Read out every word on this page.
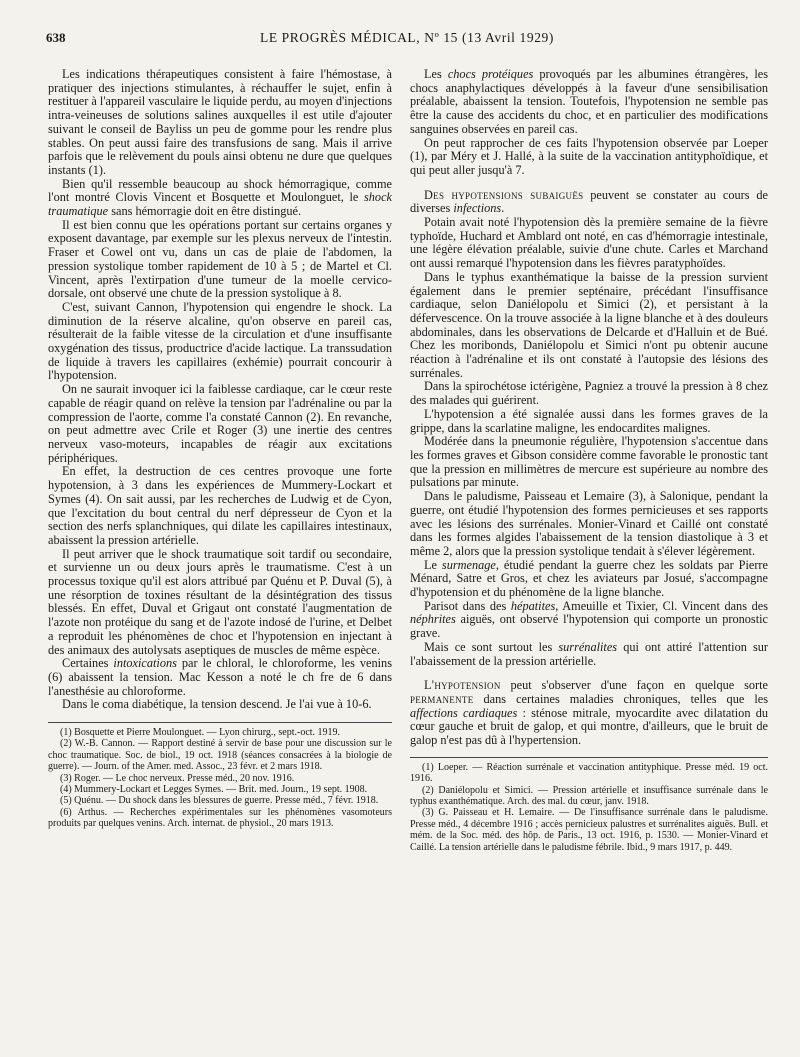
638	LE PROGRÈS MÉDICAL, Nº 15 (13 Avril 1929)

Les indications thérapeutiques consistent à faire l'hémostase, à pratiquer des injections stimulantes, à réchauffer le sujet, enfin à restituer à l'appareil vasculaire le liquide perdu, au moyen d'injections intra-veineuses de solutions salines auxquelles il est utile d'ajouter suivant le conseil de Bayliss un peu de gomme pour les rendre plus stables. On peut aussi faire des transfusions de sang. Mais il arrive parfois que le relèvement du pouls ainsi obtenu ne dure que quelques instants (1).

Bien qu'il ressemble beaucoup au shock hémorragique, comme l'ont montré Clovis Vincent et Bosquette et Moulonguet, le shock traumatique sans hémorragie doit en être distingué.

Il est bien connu que les opérations portant sur certains organes y exposent davantage, par exemple sur les plexus nerveux de l'intestin. Fraser et Cowel ont vu, dans un cas de plaie de l'abdomen, la pression systolique tomber rapidement de 10 à 5 ; de Martel et Cl. Vincent, après l'extirpation d'une tumeur de la moelle cervico-dorsale, ont observé une chute de la pression systolique à 8.

C'est, suivant Cannon, l'hypotension qui engendre le shock. La diminution de la réserve alcaline, qu'on observe en pareil cas, résulterait de la faible vitesse de la circulation et d'une insuffisante oxygénation des tissus, productrice d'acide lactique. La transsudation de liquide à travers les capillaires (exhémie) pourrait concourir à l'hypotension.

On ne saurait invoquer ici la faiblesse cardiaque, car le cœur reste capable de réagir quand on relève la tension par l'adrénaline ou par la compression de l'aorte, comme l'a constaté Cannon (2). En revanche, on peut admettre avec Crile et Roger (3) une inertie des centres nerveux vaso-moteurs, incapables de réagir aux excitations périphériques.

En effet, la destruction de ces centres provoque une forte hypotension, à 3 dans les expériences de Mummery-Lockart et Symes (4). On sait aussi, par les recherches de Ludwig et de Cyon, que l'excitation du bout central du nerf dépresseur de Cyon et la section des nerfs splanchniques, qui dilate les capillaires intestinaux, abaissent la pression artérielle.

Il peut arriver que le shock traumatique soit tardif ou secondaire, et survienne un ou deux jours après le traumatisme. C'est à un processus toxique qu'il est alors attribué par Quénu et P. Duval (5), à une résorption de toxines résultant de la désintégration des tissus blessés. En effet, Duval et Grigaut ont constaté l'augmentation de l'azote non protéique du sang et de l'azote indosé de l'urine, et Delbet a reproduit les phénomènes de choc et l'hypotension en injectant à des animaux des autolysats aseptiques de muscles de même espèce.

Certaines intoxications par le chloral, le chloroforme, les venins (6) abaissent la tension. Mac Kesson a noté le ch fre de 6 dans l'anesthésie au chloroforme.

Dans le coma diabétique, la tension descend. Je l'ai vue à 10-6.

(1) Bosquette et Pierre Moulonguet. — Lyon chirurg., sept.-oct. 1919.

(2) W.-B. Cannon. — Rapport destiné à servir de base pour une discussion sur le choc traumatique. Soc. de biol., 19 oct. 1918 (séances consacrées à la biologie de guerre). — Journ. of the Amer. med. Assoc., 23 févr. et 2 mars 1918.

(3) Roger. — Le choc nerveux. Presse méd., 20 nov. 1916.

(4) Mummery-Lockart et Legges Symes. — Brit. med. Journ., 19 sept. 1908.

(5) Quénu. — Du shock dans les blessures de guerre. Presse méd., 7 févr. 1918.

(6) Arthus. — Recherches expérimentales sur les phénomènes vasomoteurs produits par quelques venins. Arch. internat. de physiol., 20 mars 1913.

Les chocs protéiques provoqués par les albumines étrangères, les chocs anaphylactiques développés à la faveur d'une sensibilisation préalable, abaissent la tension. Toutefois, l'hypotension ne semble pas être la cause des accidents du choc, et en particulier des modifications sanguines observées en pareil cas.

On peut rapprocher de ces faits l'hypotension observée par Loeper (1), par Méry et J. Hallé, à la suite de la vaccination antityphoïdique, et qui peut aller jusqu'à 7.

Des hypotensions subaiguës peuvent se constater au cours de diverses infections.

Potain avait noté l'hypotension dès la première semaine de la fièvre typhoïde, Huchard et Amblard ont noté, en cas d'hémorragie intestinale, une légère élévation préalable, suivie d'une chute. Carles et Marchand ont aussi remarqué l'hypotension dans les fièvres paratyphoïdes.

Dans le typhus exanthématique la baisse de la pression survient également dans le premier septénaire, précédant l'insuffisance cardiaque, selon Daniélopolu et Simici (2), et persistant à la défervescence. On la trouve associée à la ligne blanche et à des douleurs abdominales, dans les observations de Delcarde et d'Halluin et de Bué. Chez les moribonds, Daniélopolu et Simici n'ont pu obtenir aucune réaction à l'adrénaline et ils ont constaté à l'autopsie des lésions des surrénales.

Dans la spirochétose ictérigène, Pagniez a trouvé la pression à 8 chez des malades qui guérirent.

L'hypotension a été signalée aussi dans les formes graves de la grippe, dans la scarlatine maligne, les endocardites malignes.

Modérée dans la pneumonie régulière, l'hypotension s'accentue dans les formes graves et Gibson considère comme favorable le pronostic tant que la pression en millimètres de mercure est supérieure au nombre des pulsations par minute.

Dans le paludisme, Paisseau et Lemaire (3), à Salonique, pendant la guerre, ont étudié l'hypotension des formes pernicieuses et ses rapports avec les lésions des surrénales. Monier-Vinard et Caillé ont constaté dans les formes algides l'abaissement de la tension diastolique à 3 et même 2, alors que la pression systolique tendait à s'élever légèrement.

Le surmenage, étudié pendant la guerre chez les soldats par Pierre Ménard, Satre et Gros, et chez les aviateurs par Josué, s'accompagne d'hypotension et du phénomène de la ligne blanche.

Parisot dans des hépatites, Ameuille et Tixier, Cl. Vincent dans des néphrites aiguës, ont observé l'hypotension qui comporte un pronostic grave.

Mais ce sont surtout les surrénalites qui ont attiré l'attention sur l'abaissement de la pression artérielle.

L'hypotension peut s'observer d'une façon en quelque sorte permanente dans certaines maladies chroniques, telles que les affections cardiaques : sténose mitrale, myocardite avec dilatation du cœur gauche et bruit de galop, et qui montre, d'ailleurs, que le bruit de galop n'est pas dû à l'hypertension.

(1) Loeper. — Réaction surrénale et vaccination antityphique. Presse méd. 19 oct. 1916.

(2) Daniélopolu et Simici. — Pression artérielle et insuffisance surrénale dans le typhus exanthématique. Arch. des mal. du cœur, janv. 1918.

(3) G. Paisseau et H. Lemaire. — De l'insuffisance surrénale dans le paludisme. Presse méd., 4 décembre 1916 ; accès pernicieux palustres et surrénalites aiguës. Bull. et mém. de la Soc. méd. des hôp. de Paris., 13 oct. 1916, p. 1530. — Monier-Vinard et Caillé. La tension artérielle dans le paludisme fébrile. Ibid., 9 mars 1917, p. 449.
